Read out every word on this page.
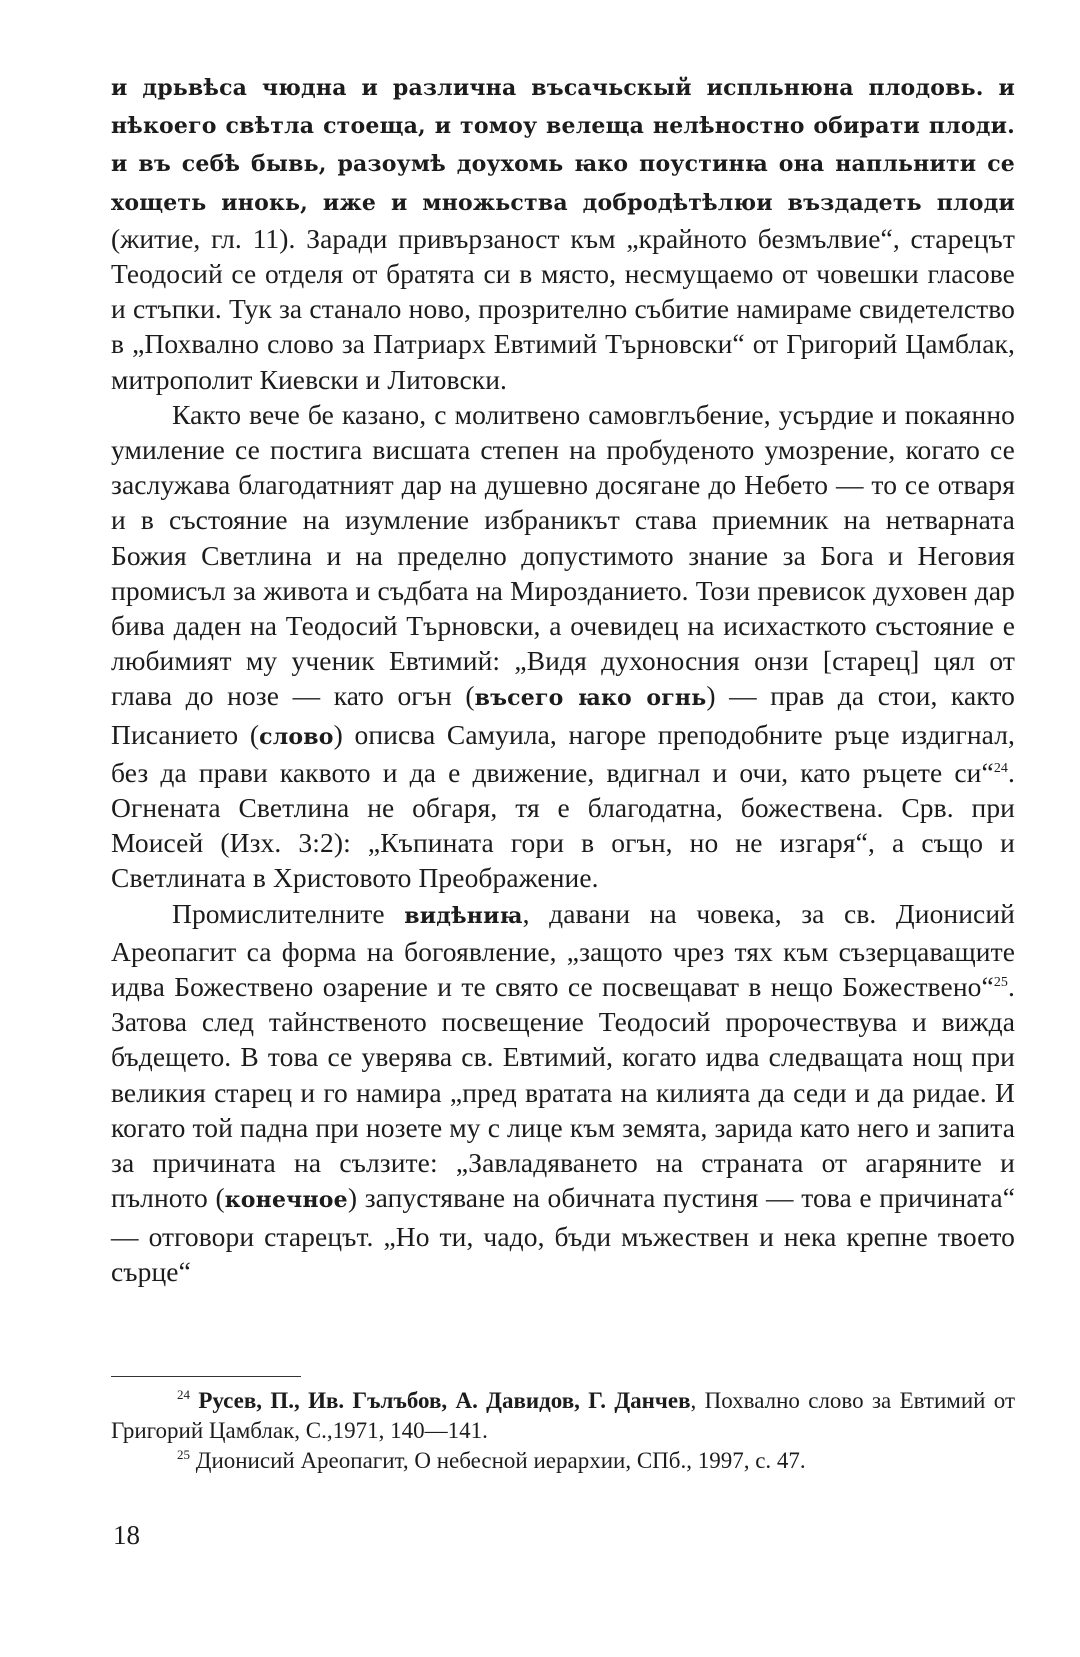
и дрьвѣса чюдна и различна въсачьскый испльнюна плодовь. и нѣкоего свѣтла стоеща, и томоу велеща нелѣностно обирати плоди. и въ себѣ бывь, разоумѣ доухомь ꙗко поустинꙗ она напльнити се хощеть инокь, иже и множьства добродѣтѣлюи въздадеть плоди (житие, гл. 11). Заради привързаност към „крайното безмълвие“, старецът Теодосий се отделя от братята си в място, несмущаемо от човешки гласове и стъпки. Тук за станало ново, прозрително събитие намираме свидетелство в „Похвално слово за Патриарх Евтимий Търновски“ от Григорий Цамблак, митрополит Киевски и Литовски.

Както вече бе казано, с молитвено самовглъбение, усърдие и покаянно умиление се постига висшата степен на пробуденото умозрение, когато се заслужава благодатният дар на душевно досягане до Небето — то се отваря и в състояние на изумление избраникът става приемник на нетварната Божия Светлина и на пределно допустимото знание за Бога и Неговия промисъл за живота и съдбата на Мирозданието. Този превисок духовен дар бива даден на Теодосий Търновски, а очевидец на исихасткото състояние е любимият му ученик Евтимий: „Видя духоносния онзи [старец] цял от глава до нозе — като огън (въсего ꙗко огнь) — прав да стои, както Писанието (слово) описва Самуила, нагоре преподобните ръце издигнал, без да прави каквото и да е движение, вдигнал и очи, като ръцете си“$^{24}$. Огнената Светлина не обгаря, тя е благодатна, божествена. Срв. при Моисей (Изх. 3:2): „Къпината гори в огън, но не изгаря“, а също и Светлината в Христовото Преображение.

Промислителните видѣниꙗ, давани на човека, за св. Дионисий Ареопагит са форма на богоявление, „защото чрез тях към съзерцаващите идва Божествено озарение и те свято се посвещават в нещо Божествено“$^{25}$. Затова след тайнственото посвещение Теодосий пророчествува и вижда бъдещето. В това се уверява св. Евтимий, когато идва следващата нощ при великия старец и го намира „пред вратата на килията да седи и да ридае. И когато той падна при нозете му с лице към земята, зарида като него и запита за причината на сълзите: „Завладяването на страната от агаряните и пълното (конечное) запустяване на обичната пустиня — това е причината“ — отговори старецът. „Но ти, чадо, бъди мъжествен и нека крепне твоето сърце“

$^{24}$ Русев, П., Ив. Гълъбов, А. Давидов, Г. Данчев, Похвално слово за Евтимий от Григорий Цамблак, С.,1971, 140—141.

$^{25}$ Дионисий Ареопагит, О небесной иерархии, СПб., 1997, с. 47.

18
